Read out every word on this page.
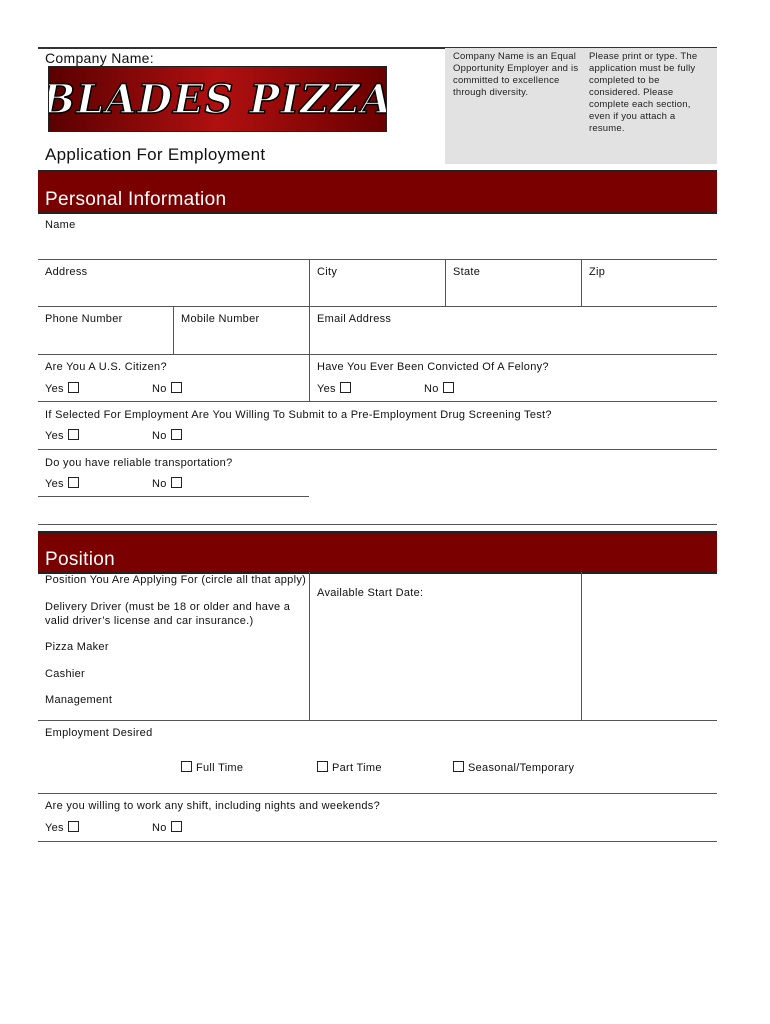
Company Name is an Equal Opportunity Employer and is committed to excellence through diversity.
Please print or type. The application must be fully completed to be considered. Please complete each section, even if you attach a resume.
Company Name:
BLADES PIZZA
Application For Employment
Personal Information
Name
Address	City	State	Zip
Phone Number	Mobile Number	Email Address
Are You A U.S. Citizen?	Have You Ever Been Convicted Of A Felony?
Yes	No	Yes	No
If Selected For Employment Are You Willing To Submit to a Pre-Employment Drug Screening Test?
Yes	No
Do you have reliable transportation?
Yes	No
Position
Position You Are Applying For (circle all that apply)
Available Start Date:
Delivery Driver (must be 18 or older and have a
valid driver’s license and car insurance.)
Pizza Maker
Cashier
Management
Employment Desired
Full Time	Part Time	Seasonal/Temporary
Are you willing to work any shift, including nights and weekends?
Yes	No
